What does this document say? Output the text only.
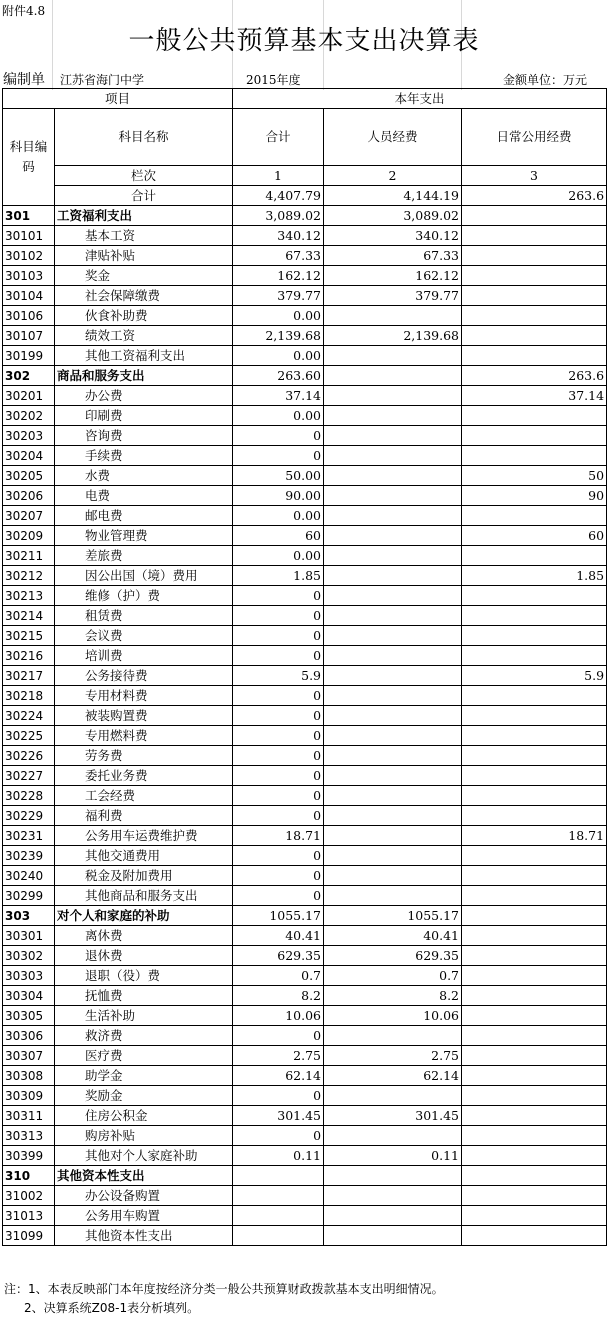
附件4.8
一般公共预算基本支出决算表
编制单 江苏省海门中学	2015年度	金额单位：万元
项目		本年支出		
科目编码	科目名称	合计	人员经费	日常公用经费
	栏次	1	2	3
	合计	4,407.79	4,144.19	263.6
301	工资福利支出	3,089.02	3,089.02	
30101	基本工资	340.12	340.12	
30102	津贴补贴	67.33	67.33	
30103	奖金	162.12	162.12	
30104	社会保障缴费	379.77	379.77	
30106	伙食补助费	0.00		
30107	绩效工资	2,139.68	2,139.68	
30199	其他工资福利支出	0.00		
302	商品和服务支出	263.60		263.6
30201	办公费	37.14		37.14
30202	印刷费	0.00		
30203	咨询费	0		
30204	手续费	0		
30205	水费	50.00		50
30206	电费	90.00		90
30207	邮电费	0.00		
30209	物业管理费	60		60
30211	差旅费	0.00		
30212	因公出国（境）费用	1.85		1.85
30213	维修（护）费	0		
30214	租赁费	0		
30215	会议费	0		
30216	培训费	0		
30217	公务接待费	5.9		5.9
30218	专用材料费	0		
30224	被装购置费	0		
30225	专用燃料费	0		
30226	劳务费	0		
30227	委托业务费	0		
30228	工会经费	0		
30229	福利费	0		
30231	公务用车运费维护费	18.71		18.71
30239	其他交通费用	0		
30240	税金及附加费用	0		
30299	其他商品和服务支出	0		
303	对个人和家庭的补助	1055.17	1055.17	
30301	离休费	40.41	40.41	
30302	退休费	629.35	629.35	
30303	退职（役）费	0.7	0.7	
30304	抚恤费	8.2	8.2	
30305	生活补助	10.06	10.06	
30306	救济费	0		
30307	医疗费	2.75	2.75	
30308	助学金	62.14	62.14	
30309	奖励金	0		
30311	住房公积金	301.45	301.45	
30313	购房补贴	0		
30399	其他对个人家庭补助	0.11	0.11	
310	其他资本性支出			
31002	办公设备购置			
31013	公务用车购置			
31099	其他资本性支出			
注：1、本表反映部门本年度按经济分类一般公共预算财政拨款基本支出明细情况。
2、决算系统Z08-1表分析填列。
